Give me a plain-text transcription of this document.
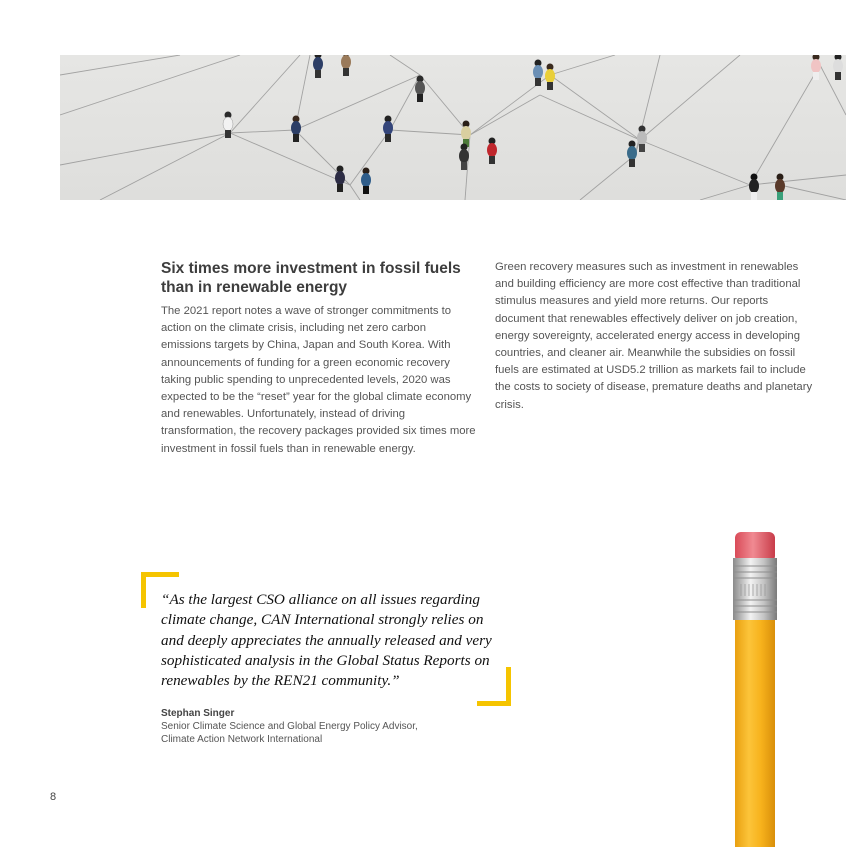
Six times more investment in fossil fuels than in renewable energy

The 2021 report notes a wave of stronger commitments to action on the climate crisis, including net zero carbon emissions targets by China, Japan and South Korea. With announcements of funding for a green economic recovery taking public spending to unprecedented levels, 2020 was expected to be the “reset” year for the global climate economy and renewables. Unfortunately, instead of driving transformation, the recovery packages provided six times more investment in fossil fuels than in renewable energy.

Green recovery measures such as investment in renewables and building efficiency are more cost effective than traditional stimulus measures and yield more returns. Our reports document that renewables effectively deliver on job creation, energy sovereignty, accelerated energy access in developing countries, and cleaner air. Meanwhile the subsidies on fossil fuels are estimated at USD5.2 trillion as markets fail to include the costs to society of disease, premature deaths and planetary crisis.

“As the largest CSO alliance on all issues regarding climate change, CAN International strongly relies on and deeply appreciates the annually released and very sophisticated analysis in the Global Status Reports on renewables by the REN21 community.”
Stephan Singer
Senior Climate Science and Global Energy Policy Advisor,
Climate Action Network International
8
